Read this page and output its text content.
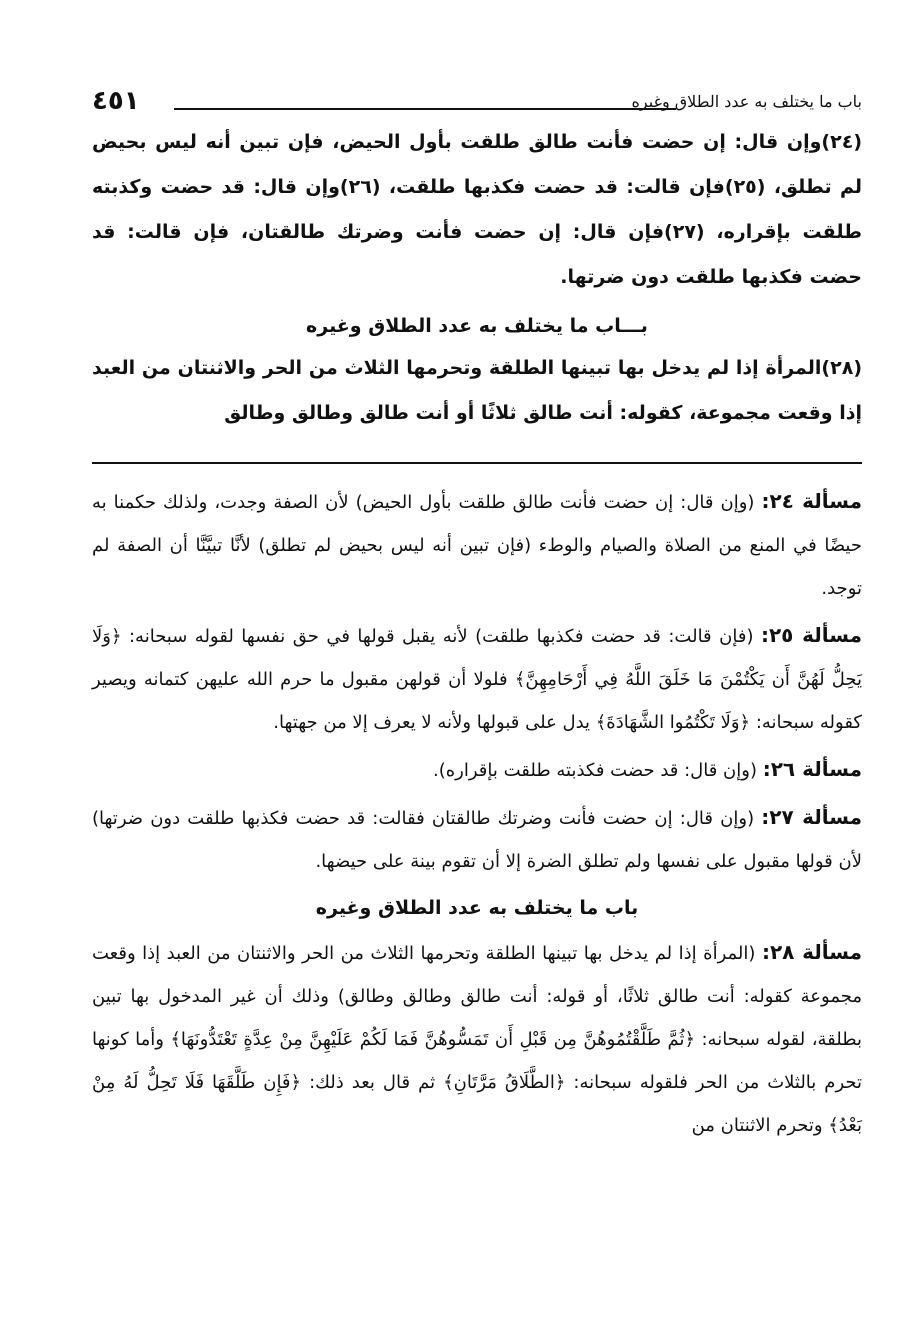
باب ما يختلف به عدد الطلاق وغيره
٤٥١

(٢٤)وإن قال: إن حضت فأنت طالق طلقت بأول الحيض، فإن تبين أنه ليس بحيض لم تطلق، (٢٥)فإن قالت: قد حضت فكذبها طلقت، (٢٦)وإن قال: قد حضت وكذبته طلقت بإقراره، (٢٧)فإن قال: إن حضت فأنت وضرتك طالقتان، فإن قالت: قد حضت فكذبها طلقت دون ضرتها.

بـــاب ما يختلف به عدد الطلاق وغيره

(٢٨)المرأة إذا لم يدخل بها تبينها الطلقة وتحرمها الثلاث من الحر والاثنتان من العبد إذا وقعت مجموعة، كقوله: أنت طالق ثلاثًا أو أنت طالق وطالق وطالق

مسألة ٢٤: (وإن قال: إن حضت فأنت طالق طلقت بأول الحيض) لأن الصفة وجدت، ولذلك حكمنا به حيضًا في المنع من الصلاة والصيام والوطء (فإن تبين أنه ليس بحيض لم تطلق) لأنَّا تبيَّنَّا أن الصفة لم توجد.

مسألة ٢٥: (فإن قالت: قد حضت فكذبها طلقت) لأنه يقبل قولها في حق نفسها لقوله سبحانه: ﴿وَلَا يَحِلُّ لَهُنَّ أَن يَكْتُمْنَ مَا خَلَقَ اللَّهُ فِي أَرْحَامِهِنَّ﴾ فلولا أن قولهن مقبول ما حرم الله عليهن كتمانه ويصير كقوله سبحانه: ﴿وَلَا تَكْتُمُوا الشَّهَادَةَ﴾ يدل على قبولها ولأنه لا يعرف إلا من جهتها.

مسألة ٢٦: (وإن قال: قد حضت فكذبته طلقت بإقراره).

مسألة ٢٧: (وإن قال: إن حضت فأنت وضرتك طالقتان فقالت: قد حضت فكذبها طلقت دون ضرتها) لأن قولها مقبول على نفسها ولم تطلق الضرة إلا أن تقوم بينة على حيضها.

باب ما يختلف به عدد الطلاق وغيره

مسألة ٢٨: (المرأة إذا لم يدخل بها تبينها الطلقة وتحرمها الثلاث من الحر والاثنتان من العبد إذا وقعت مجموعة كقوله: أنت طالق ثلاثًا، أو قوله: أنت طالق وطالق وطالق) وذلك أن غير المدخول بها تبين بطلقة، لقوله سبحانه: ﴿ثُمَّ طَلَّقْتُمُوهُنَّ مِن قَبْلِ أَن تَمَسُّوهُنَّ فَمَا لَكُمْ عَلَيْهِنَّ مِنْ عِدَّةٍ تَعْتَدُّونَهَا﴾ وأما كونها تحرم بالثلاث من الحر فلقوله سبحانه: ﴿الطَّلَاقُ مَرَّتَانِ﴾ ثم قال بعد ذلك: ﴿فَإِن طَلَّقَهَا فَلَا تَحِلُّ لَهُ مِنْ بَعْدُ﴾ وتحرم الاثنتان من
